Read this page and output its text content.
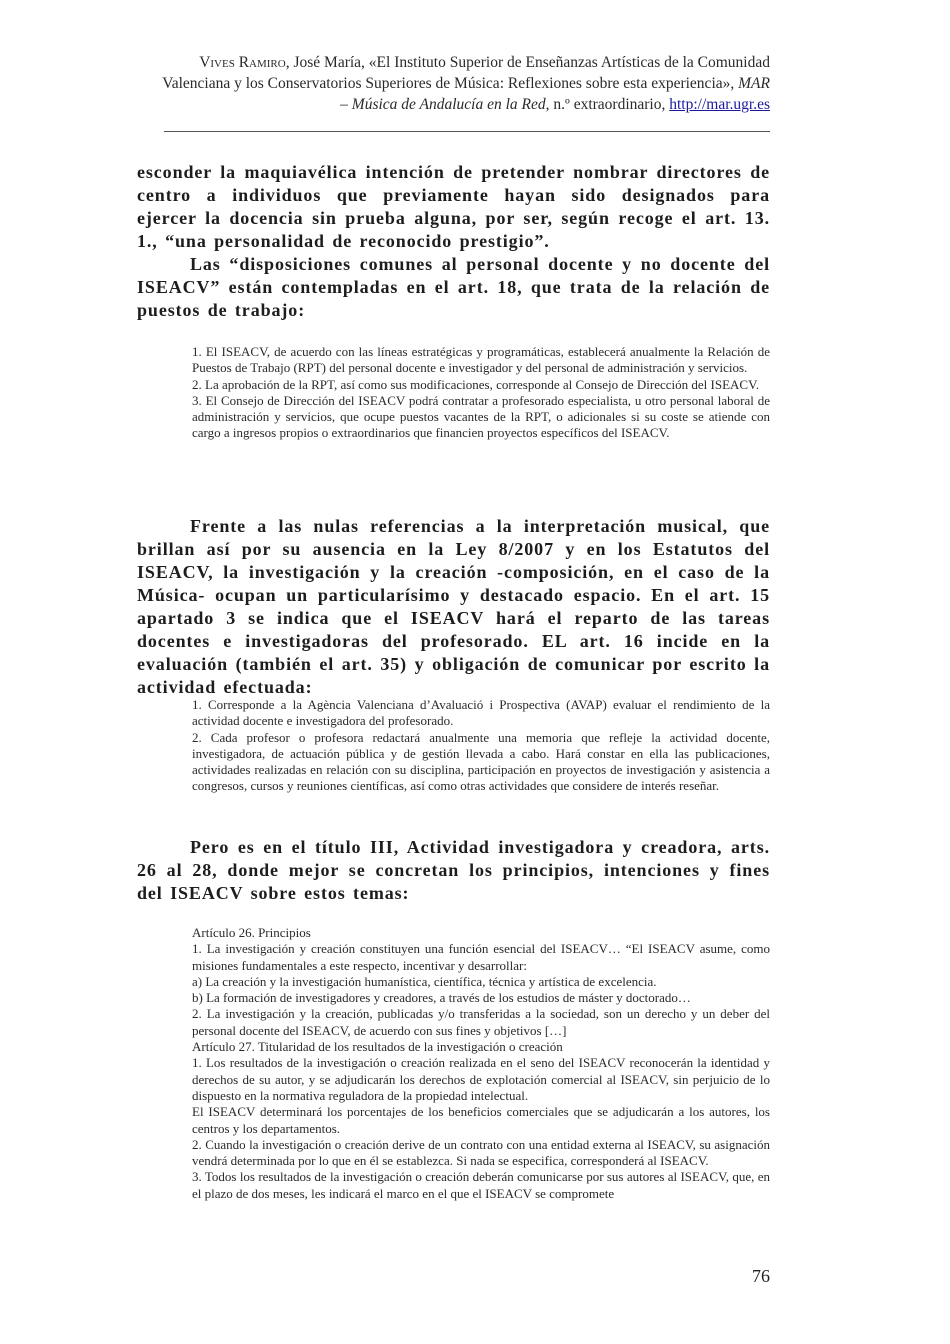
Vives Ramiro, José María, «El Instituto Superior de Enseñanzas Artísticas de la Comunidad
Valenciana y los Conservatorios Superiores de Música: Reflexiones sobre esta experiencia», MAR
– Música de Andalucía en la Red, n.º extraordinario, http://mar.ugr.es

esconder la maquiavélica intención de pretender nombrar directores de centro a individuos que previamente hayan sido designados para ejercer la docencia sin prueba alguna, por ser, según recoge el art. 13. 1., “una personalidad de reconocido prestigio”.

Las “disposiciones comunes al personal docente y no docente del ISEACV” están contempladas en el art. 18, que trata de la relación de puestos de trabajo:

1. El ISEACV, de acuerdo con las líneas estratégicas y programáticas, establecerá anualmente la Relación de Puestos de Trabajo (RPT) del personal docente e investigador y del personal de administración y servicios.
2. La aprobación de la RPT, así como sus modificaciones, corresponde al Consejo de Dirección del ISEACV.
3. El Consejo de Dirección del ISEACV podrá contratar a profesorado especialista, u otro personal laboral de administración y servicios, que ocupe puestos vacantes de la RPT, o adicionales si su coste se atiende con cargo a ingresos propios o extraordinarios que financien proyectos específicos del ISEACV.

Frente a las nulas referencias a la interpretación musical, que brillan así por su ausencia en la Ley 8/2007 y en los Estatutos del ISEACV, la investigación y la creación -composición, en el caso de la Música- ocupan un particularísimo y destacado espacio. En el art. 15 apartado 3 se indica que el ISEACV hará el reparto de las tareas docentes e investigadoras del profesorado. EL art. 16 incide en la evaluación (también el art. 35) y obligación de comunicar por escrito la actividad efectuada:

1. Corresponde a la Agència Valenciana d’Avaluació i Prospectiva (AVAP) evaluar el rendimiento de la actividad docente e investigadora del profesorado.
2. Cada profesor o profesora redactará anualmente una memoria que refleje la actividad docente, investigadora, de actuación pública y de gestión llevada a cabo. Hará constar en ella las publicaciones, actividades realizadas en relación con su disciplina, participación en proyectos de investigación y asistencia a congresos, cursos y reuniones científicas, así como otras actividades que considere de interés reseñar.

Pero es en el título III, Actividad investigadora y creadora, arts. 26 al 28, donde mejor se concretan los principios, intenciones y fines del ISEACV sobre estos temas:

Artículo 26. Principios
1. La investigación y creación constituyen una función esencial del ISEACV… “El ISEACV asume, como misiones fundamentales a este respecto, incentivar y desarrollar:
a) La creación y la investigación humanística, científica, técnica y artística de excelencia.
b) La formación de investigadores y creadores, a través de los estudios de máster y doctorado…
2. La investigación y la creación, publicadas y/o transferidas a la sociedad, son un derecho y un deber del personal docente del ISEACV, de acuerdo con sus fines y objetivos […]
Artículo 27. Titularidad de los resultados de la investigación o creación
1. Los resultados de la investigación o creación realizada en el seno del ISEACV reconocerán la identidad y derechos de su autor, y se adjudicarán los derechos de explotación comercial al ISEACV, sin perjuicio de lo dispuesto en la normativa reguladora de la propiedad intelectual.
El ISEACV determinará los porcentajes de los beneficios comerciales que se adjudicarán a los autores, los centros y los departamentos.
2. Cuando la investigación o creación derive de un contrato con una entidad externa al ISEACV, su asignación vendrá determinada por lo que en él se establezca. Si nada se especifica, corresponderá al ISEACV.
3. Todos los resultados de la investigación o creación deberán comunicarse por sus autores al ISEACV, que, en el plazo de dos meses, les indicará el marco en el que el ISEACV se compromete
76
